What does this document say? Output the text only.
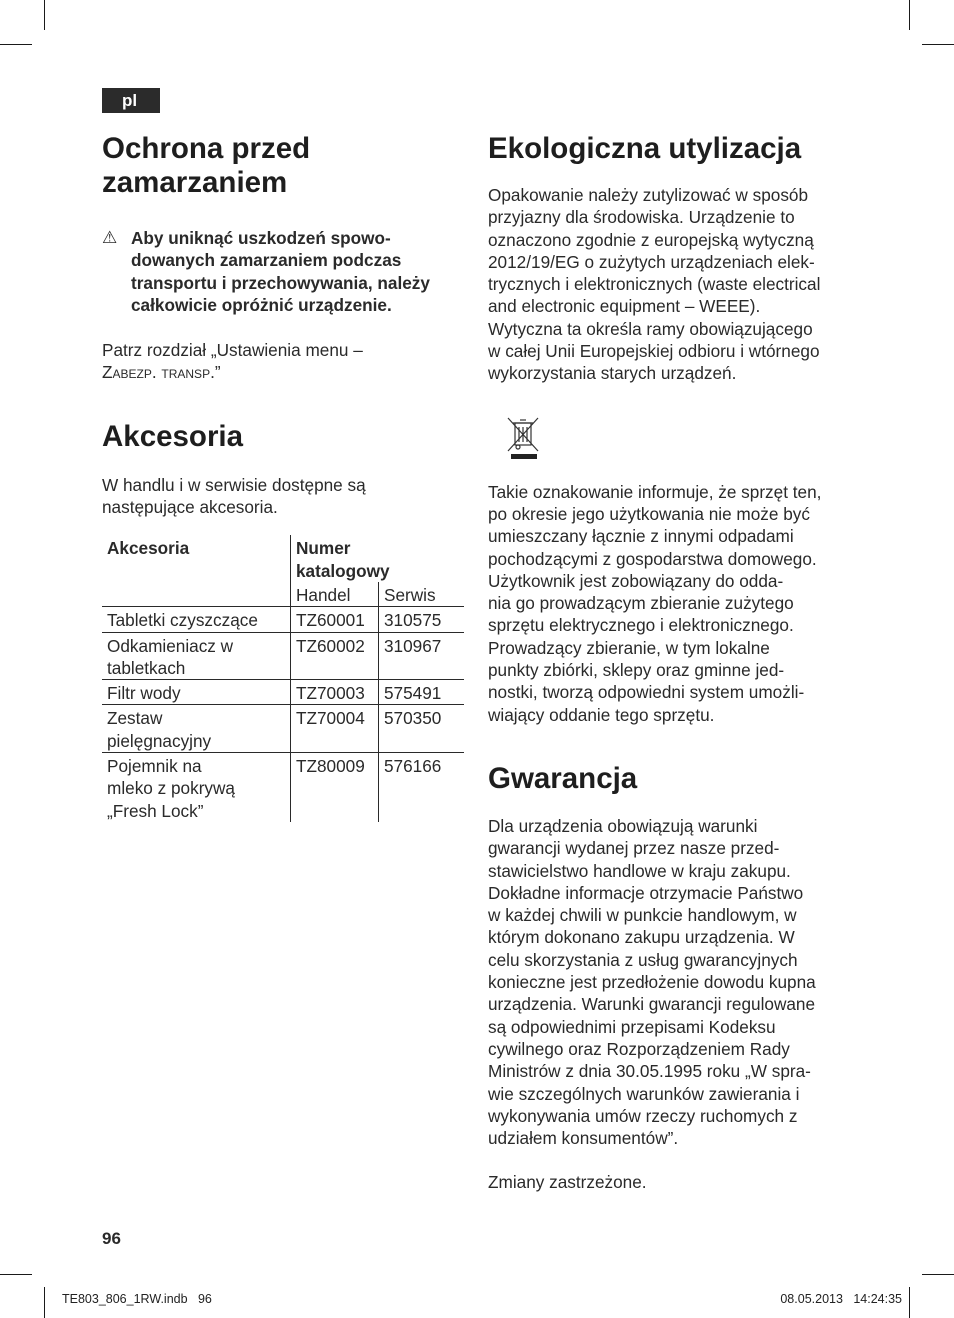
pl
Ochrona przed
zamarzaniem
⚠ Aby uniknąć uszkodzeń spowo-
dowanych zamarzaniem podczas
transportu i przechowywania, należy
całkowicie opróżnić urządzenie.

Patrz rozdział „Ustawienia menu –
Zabezp. transp.”

Akcesoria

W handlu i w serwisie dostępne są
następujące akcesoria.

Akcesoria	Numer
katalogowy	
	Handel	Serwis
Tabletki czyszczące	TZ60001	310575
Odkamieniacz w
tabletkach	TZ60002	310967
Filtr wody	TZ70003	575491
Zestaw
pielęgnacyjny	TZ70004	570350
Pojemnik na
mleko z pokrywą
„Fresh Lock”	TZ80009	576166
Ekologiczna utylizacja

Opakowanie należy zutylizować w sposób
przyjazny dla środowiska. Urządzenie to
oznaczono zgodnie z europejską wytyczną
2012/19/EG o zużytych urządzeniach elek-
trycznych i elektronicznych (waste electrical
and electronic equipment – WEEE).
Wytyczna ta określa ramy obowiązującego
w całej Unii Europejskiej odbioru i wtórnego
wykorzystania starych urządzeń.

Takie oznakowanie informuje, że sprzęt ten,
po okresie jego użytkowania nie może być
umieszczany łącznie z innymi odpadami
pochodzącymi z gospodarstwa domowego.
Użytkownik jest zobowiązany do odda-
nia go prowadzącym zbieranie zużytego
sprzętu elektrycznego i elektronicznego.
Prowadzący zbieranie, w tym lokalne
punkty zbiórki, sklepy oraz gminne jed-
nostki, tworzą odpowiedni system umożli-
wiający oddanie tego sprzętu.

Gwarancja

Dla urządzenia obowiązują warunki
gwarancji wydanej przez nasze przed-
stawicielstwo handlowe w kraju zakupu.
Dokładne informacje otrzymacie Państwo
w każdej chwili w punkcie handlowym, w
którym dokonano zakupu urządzenia. W
celu skorzystania z usług gwarancyjnych
konieczne jest przedłożenie dowodu kupna
urządzenia. Warunki gwarancji regulowane
są odpowiednimi przepisami Kodeksu
cywilnego oraz Rozporządzeniem Rady
Ministrów z dnia 30.05.1995 roku „W spra-
wie szczególnych warunków zawierania i
wykonywania umów rzeczy ruchomych z
udziałem konsumentów”.

Zmiany zastrzeżone.

96
TE803_806_1RW.indb   96	08.05.2013   14:24:35
